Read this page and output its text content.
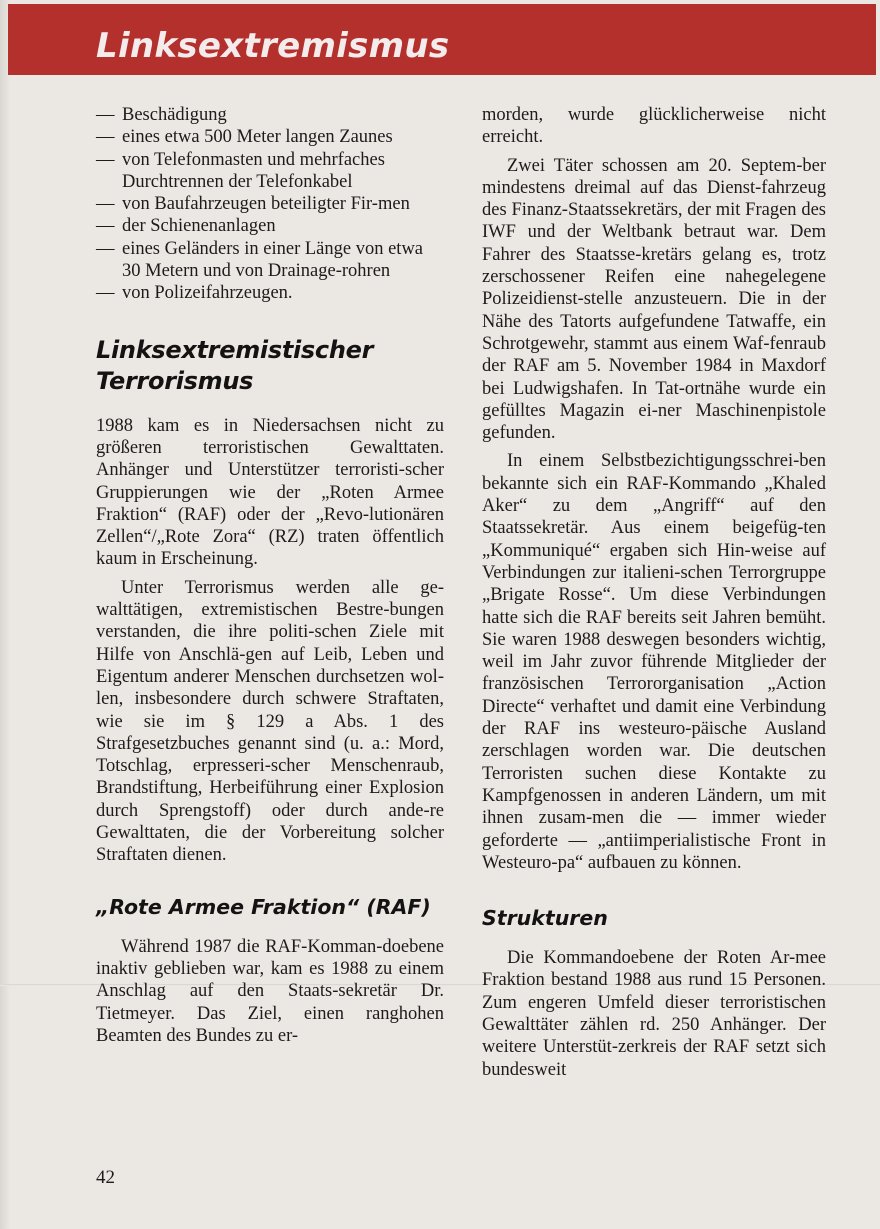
Linksextremismus
— Beschädigung
— eines etwa 500 Meter langen Zaunes
— von Telefonmasten und mehrfaches Durchtrennen der Telefonkabel
— von Baufahrzeugen beteiligter Fir-men
— der Schienenanlagen
— eines Geländers in einer Länge von etwa 30 Metern und von Drainage-rohren
— von Polizeifahrzeugen.
Linksextremistischer Terrorismus

1988 kam es in Niedersachsen nicht zu größeren terroristischen Gewalttaten. Anhänger und Unterstützer terroristi-scher Gruppierungen wie der „Roten Armee Fraktion“ (RAF) oder der „Revo-lutionären Zellen“/„Rote Zora“ (RZ) traten öffentlich kaum in Erscheinung.

Unter Terrorismus werden alle ge-walttätigen, extremistischen Bestre-bungen verstanden, die ihre politi-schen Ziele mit Hilfe von Anschlä-gen auf Leib, Leben und Eigentum anderer Menschen durchsetzen wol-len, insbesondere durch schwere Straftaten, wie sie im § 129 a Abs. 1 des Strafgesetzbuches genannt sind (u. a.: Mord, Totschlag, erpresseri-scher Menschenraub, Brandstiftung, Herbeiführung einer Explosion durch Sprengstoff) oder durch ande-re Gewalttaten, die der Vorbereitung solcher Straftaten dienen.

„Rote Armee Fraktion“ (RAF)

Während 1987 die RAF-Komman-doebene inaktiv geblieben war, kam es 1988 zu einem Anschlag auf den Staats-sekretär Dr. Tietmeyer. Das Ziel, einen ranghohen Beamten des Bundes zu er-

morden, wurde glücklicherweise nicht erreicht.

Zwei Täter schossen am 20. Septem-ber mindestens dreimal auf das Dienst-fahrzeug des Finanz-Staatssekretärs, der mit Fragen des IWF und der Weltbank betraut war. Dem Fahrer des Staatsse-kretärs gelang es, trotz zerschossener Reifen eine nahegelegene Polizeidienst-stelle anzusteuern. Die in der Nähe des Tatorts aufgefundene Tatwaffe, ein Schrotgewehr, stammt aus einem Waf-fenraub der RAF am 5. November 1984 in Maxdorf bei Ludwigshafen. In Tat-ortnähe wurde ein gefülltes Magazin ei-ner Maschinenpistole gefunden.

In einem Selbstbezichtigungsschrei-ben bekannte sich ein RAF-Kommando „Khaled Aker“ zu dem „Angriff“ auf den Staatssekretär. Aus einem beigefüg-ten „Kommuniqué“ ergaben sich Hin-weise auf Verbindungen zur italieni-schen Terrorgruppe „Brigate Rosse“. Um diese Verbindungen hatte sich die RAF bereits seit Jahren bemüht. Sie waren 1988 deswegen besonders wichtig, weil im Jahr zuvor führende Mitglieder der französischen Terrororganisation „Action Directe“ verhaftet und damit eine Verbindung der RAF ins westeuro-päische Ausland zerschlagen worden war. Die deutschen Terroristen suchen diese Kontakte zu Kampfgenossen in anderen Ländern, um mit ihnen zusam-men die — immer wieder geforderte — „antiimperialistische Front in Westeuro-pa“ aufbauen zu können.

Strukturen

Die Kommandoebene der Roten Ar-mee Fraktion bestand 1988 aus rund 15 Personen. Zum engeren Umfeld dieser terroristischen Gewalttäter zählen rd. 250 Anhänger. Der weitere Unterstüt-zerkreis der RAF setzt sich bundesweit

42
